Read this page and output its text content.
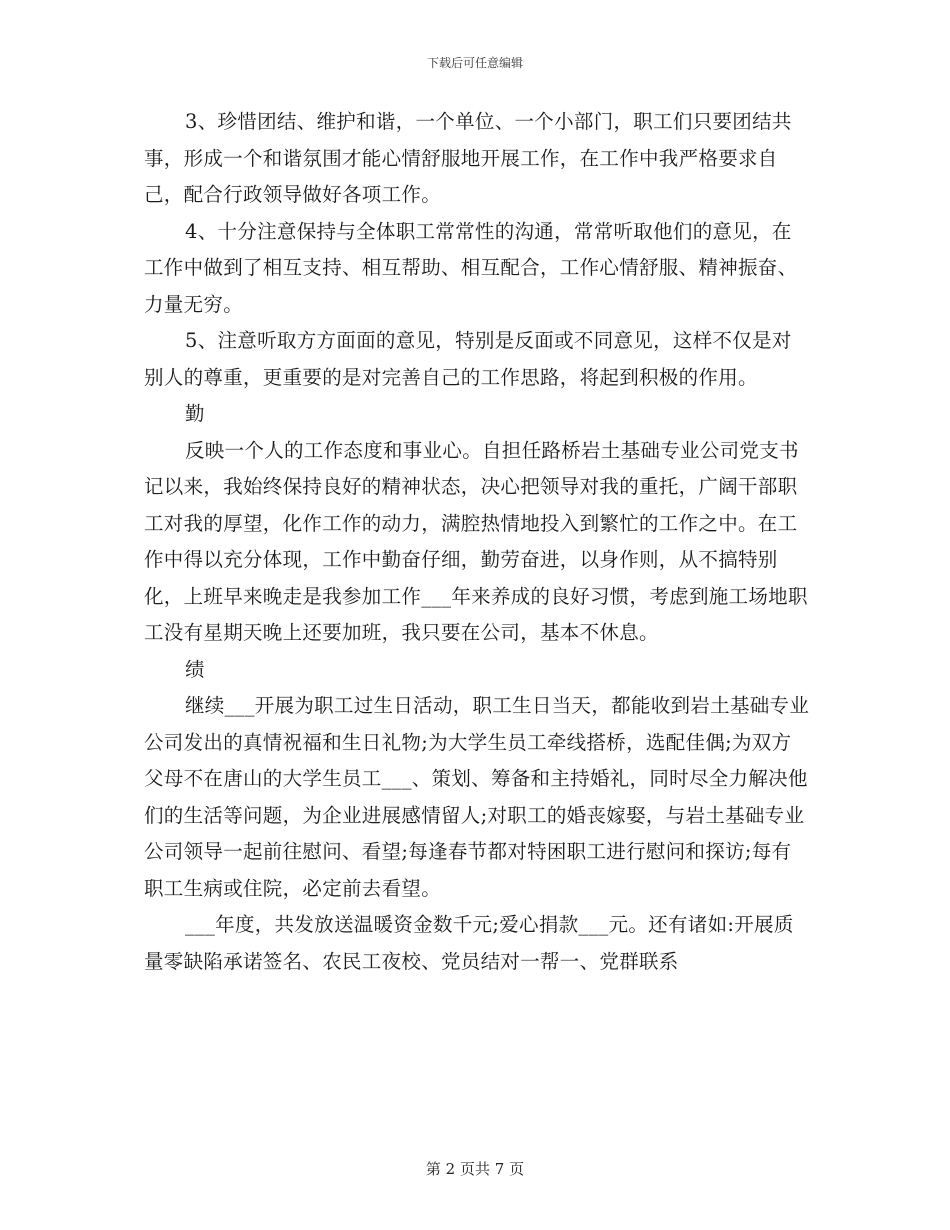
下载后可任意编辑

3、珍惜团结、维护和谐，一个单位、一个小部门，职工们只要团结共事，形成一个和谐氛围才能心情舒服地开展工作，在工作中我严格要求自己，配合行政领导做好各项工作。

4、十分注意保持与全体职工常常性的沟通，常常听取他们的意见，在工作中做到了相互支持、相互帮助、相互配合，工作心情舒服、精神振奋、力量无穷。

5、注意听取方方面面的意见，特别是反面或不同意见，这样不仅是对别人的尊重，更重要的是对完善自己的工作思路，将起到积极的作用。

勤

反映一个人的工作态度和事业心。自担任路桥岩土基础专业公司党支书记以来，我始终保持良好的精神状态，决心把领导对我的重托，广阔干部职工对我的厚望，化作工作的动力，满腔热情地投入到繁忙的工作之中。在工作中得以充分体现，工作中勤奋仔细，勤劳奋进，以身作则，从不搞特别化，上班早来晚走是我参加工作___年来养成的良好习惯，考虑到施工场地职工没有星期天晚上还要加班，我只要在公司，基本不休息。

绩

继续___开展为职工过生日活动，职工生日当天，都能收到岩土基础专业公司发出的真情祝福和生日礼物;为大学生员工牵线搭桥，选配佳偶;为双方父母不在唐山的大学生员工___、策划、筹备和主持婚礼，同时尽全力解决他们的生活等问题，为企业进展感情留人;对职工的婚丧嫁娶，与岩土基础专业公司领导一起前往慰问、看望;每逢春节都对特困职工进行慰问和探访;每有职工生病或住院，必定前去看望。

___年度，共发放送温暖资金数千元;爱心捐款___元。还有诸如:开展质量零缺陷承诺签名、农民工夜校、党员结对一帮一、党群联系

第 2 页共 7 页
